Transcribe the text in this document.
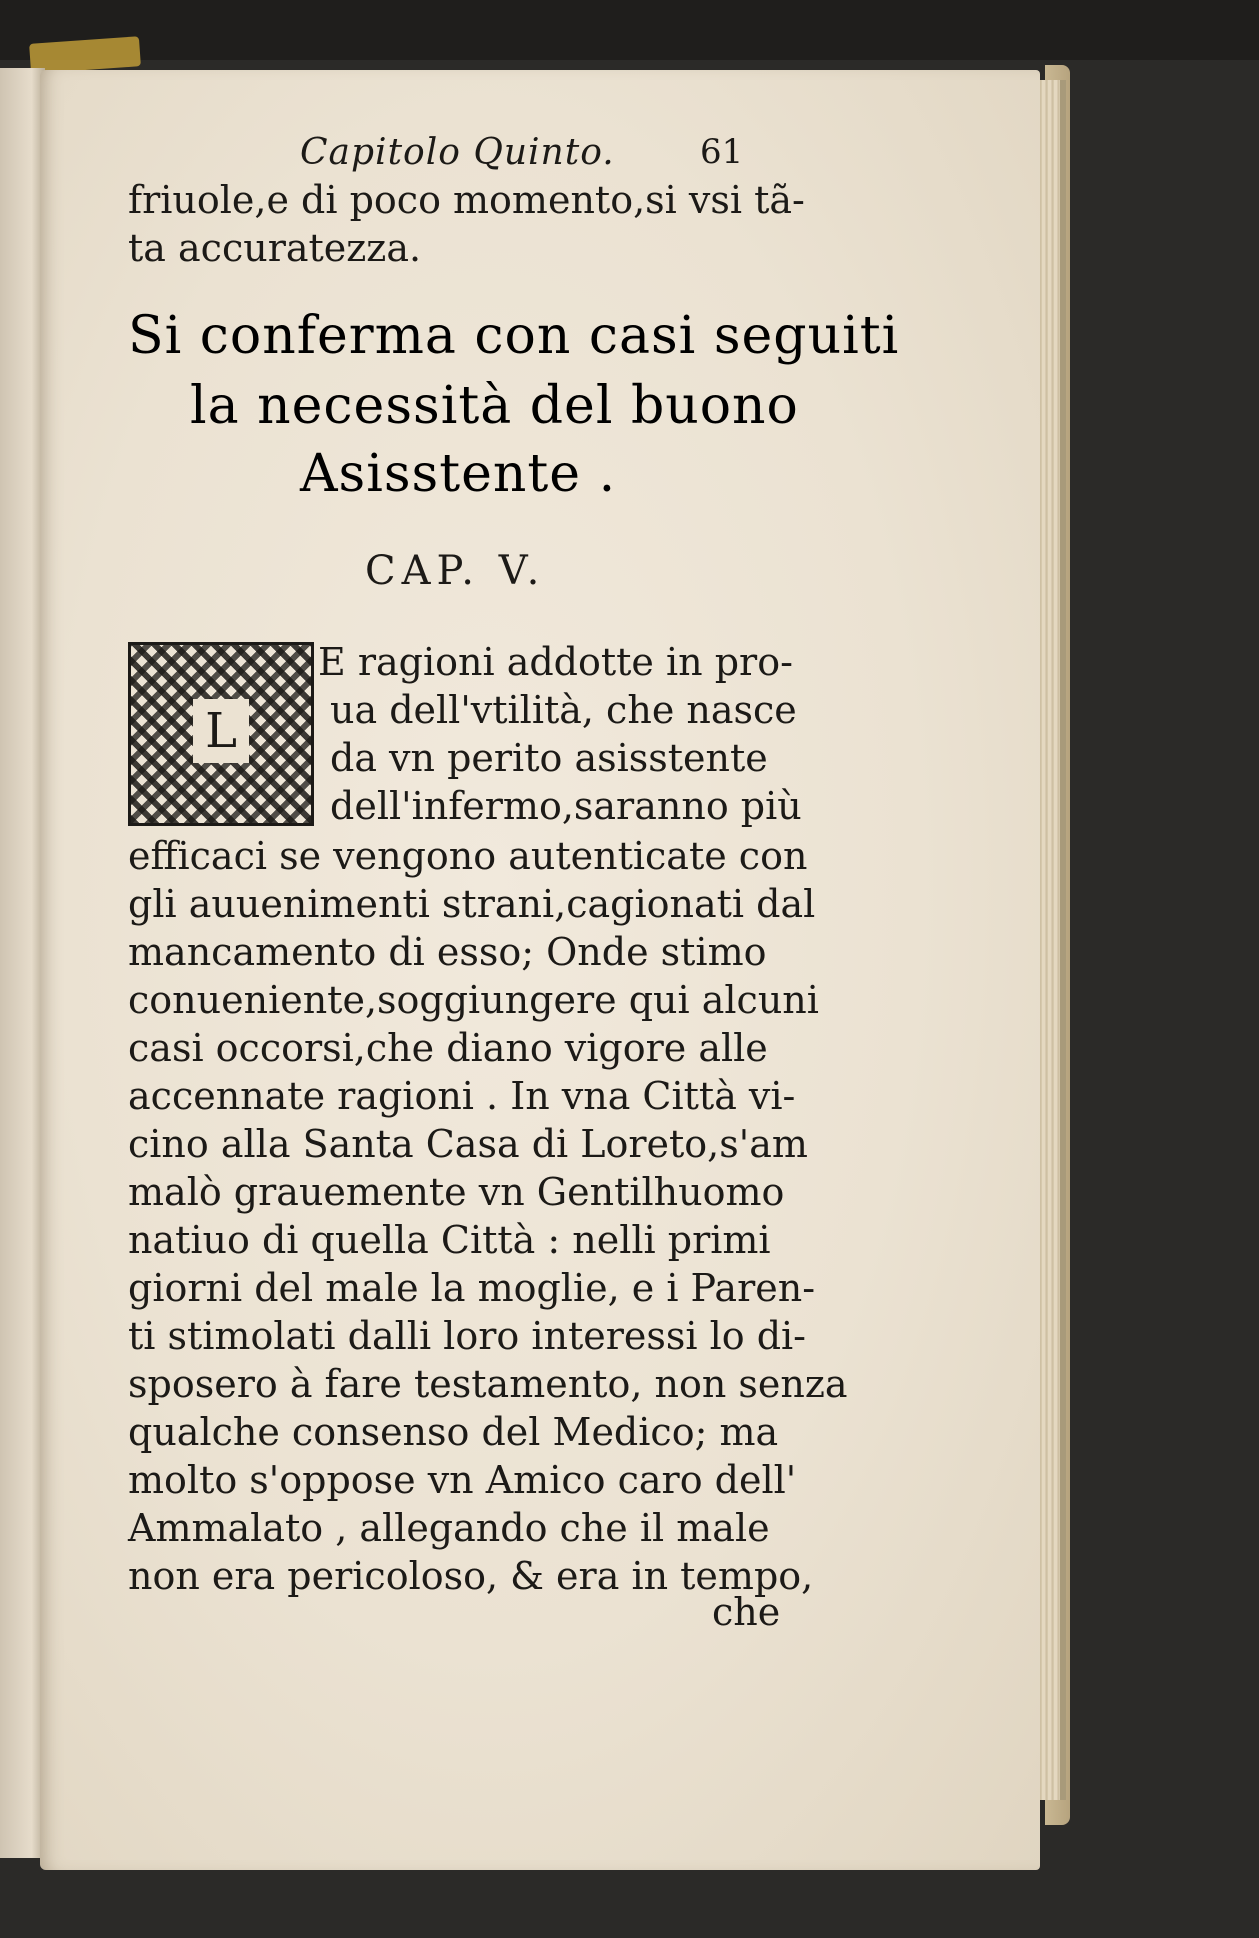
Capitolo Quinto.	61
friuole,e di poco momento,si vsi tã-
ta accuratezza.
Si conferma con casi seguiti
la necessità del buono
Asisstente .
CAP. V.
L
E ragioni addotte in pro-
ua dell'vtilità, che nasce
da vn perito asisstente
dell'infermo,saranno più
efficaci se vengono autenticate con
gli auuenimenti strani,cagionati dal
mancamento di esso; Onde stimo
conueniente,soggiungere qui alcuni
casi occorsi,che diano vigore alle
accennate ragioni . In vna Città vi-
cino alla Santa Casa di Loreto,s'am
malò grauemente vn Gentilhuomo
natiuo di quella Città : nelli primi
giorni del male la moglie, e i Paren-
ti stimolati dalli loro interessi lo di-
sposero à fare testamento, non senza
qualche consenso del Medico; ma
molto s'oppose vn Amico caro dell'
Ammalato , allegando che il male
non era pericoloso, & era in tempo,
che
